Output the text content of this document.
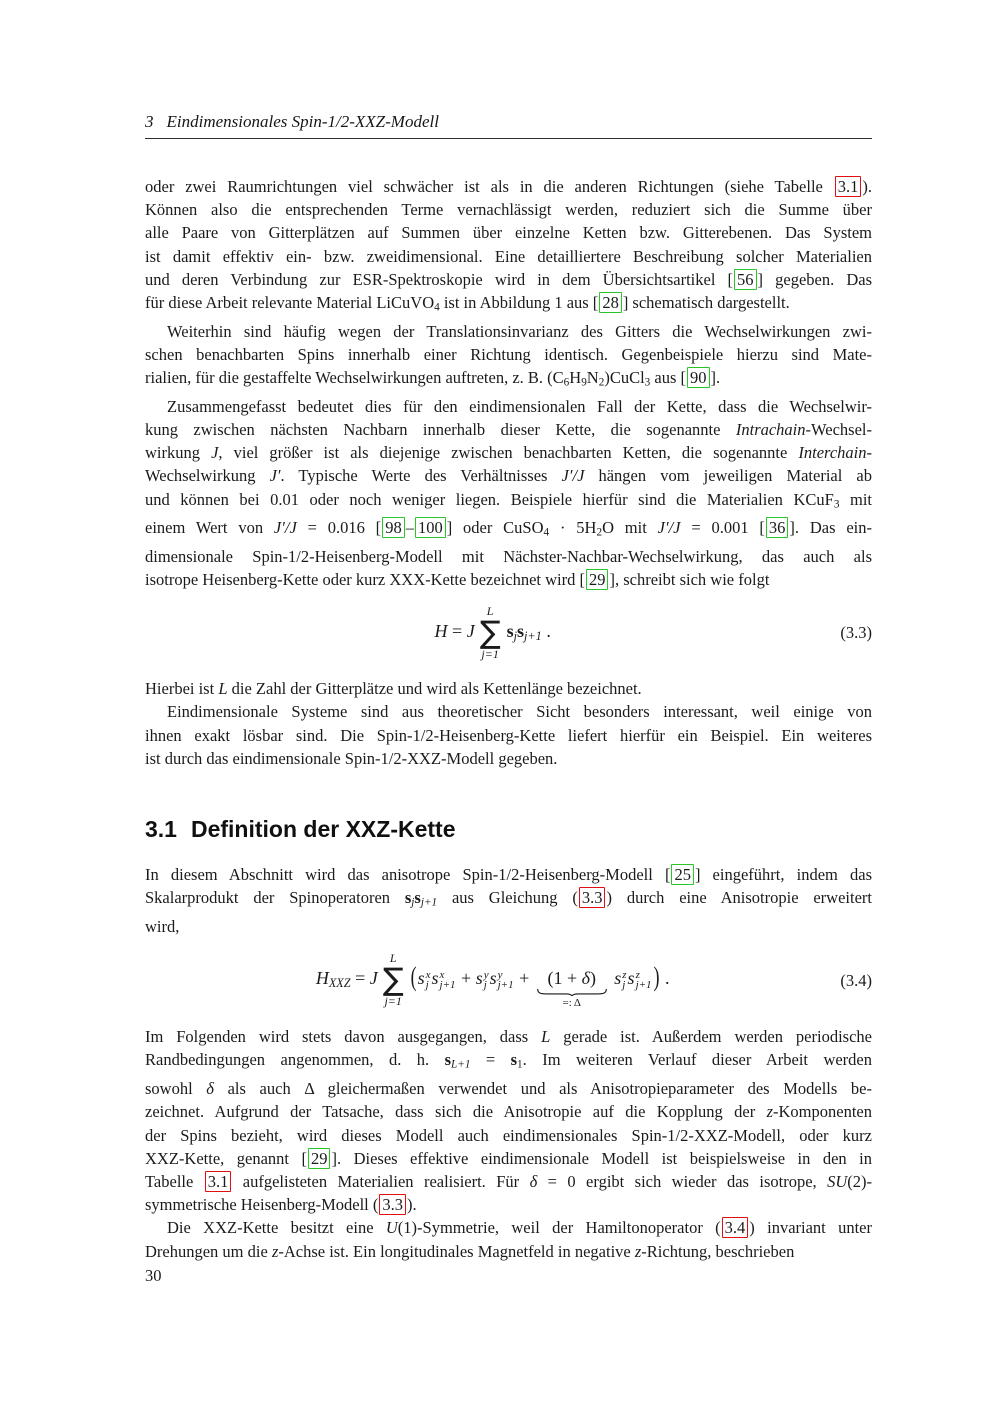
3 Eindimensionales Spin-1/2-XXZ-Modell
oder zwei Raumrichtungen viel schwächer ist als in die anderen Richtungen (siehe Tabelle 3.1 ).
Können also die entsprechenden Terme vernachlässigt werden, reduziert sich die Summe über
alle Paare von Gitterplätzen auf Summen über einzelne Ketten bzw. Gitterebenen. Das System
ist damit effektiv ein- bzw. zweidimensional. Eine detailliertere Beschreibung solcher Materialien
und deren Verbindung zur ESR-Spektroskopie wird in dem Übersichtsartikel [ 56 ] gegeben. Das
für diese Arbeit relevante Material LiCuVO4 ist in Abbildung 1 aus [ 28 ] schematisch dargestellt.
Weiterhin sind häufig wegen der Translationsinvarianz des Gitters die Wechselwirkungen zwi-
schen benachbarten Spins innerhalb einer Richtung identisch. Gegenbeispiele hierzu sind Mate-
rialien, für die gestaffelte Wechselwirkungen auftreten, z. B. (C6H9N2)CuCl3 aus [ 90 ].
Zusammengefasst bedeutet dies für den eindimensionalen Fall der Kette, dass die Wechselwir-
kung zwischen nächsten Nachbarn innerhalb dieser Kette, die sogenannte Intrachain-Wechsel-
wirkung J, viel größer ist als diejenige zwischen benachbarten Ketten, die sogenannte Interchain-
Wechselwirkung J′. Typische Werte des Verhältnisses J′/J hängen vom jeweiligen Material ab
und können bei 0.01 oder noch weniger liegen. Beispiele hierfür sind die Materialien KCuF3 mit
einem Wert von J′/J = 0.016 [ 98 – 100 ] oder CuSO4 · 5H2O mit J′/J = 0.001 [ 36 ]. Das ein-
dimensionale Spin-1/2-Heisenberg-Modell mit Nächster-Nachbar-Wechselwirkung, das auch als
isotrope Heisenberg-Kette oder kurz XXX-Kette bezeichnet wird [ 29 ], schreibt sich wie folgt
H = J
L
∑
j=1
sjsj+1 .	(3.3)
Hierbei ist L die Zahl der Gitterplätze und wird als Kettenlänge bezeichnet.
Eindimensionale Systeme sind aus theoretischer Sicht besonders interessant, weil einige von
ihnen exakt lösbar sind. Die Spin-1/2-Heisenberg-Kette liefert hierfür ein Beispiel. Ein weiteres
ist durch das eindimensionale Spin-1/2-XXZ-Modell gegeben.
3.1 Definition der XXZ-Kette
In diesem Abschnitt wird das anisotrope Spin-1/2-Heisenberg-Modell [ 25 ] eingeführt, indem das
Skalarprodukt der Spinoperatoren sjsj+1 aus Gleichung ( 3.3 ) durch eine Anisotropie erweitert
wird,
HXXZ = J
L
∑
j=1
(s x
j s x
j+1 + s y
j s y
j+1 + (1 + δ)
=: Δ
s z
j s z
j+1 ) .	(3.4)
Im Folgenden wird stets davon ausgegangen, dass L gerade ist. Außerdem werden periodische
Randbedingungen angenommen, d. h. sL+1 = s1. Im weiteren Verlauf dieser Arbeit werden
sowohl δ als auch Δ gleichermaßen verwendet und als Anisotropieparameter des Modells be-
zeichnet. Aufgrund der Tatsache, dass sich die Anisotropie auf die Kopplung der z-Komponenten
der Spins bezieht, wird dieses Modell auch eindimensionales Spin-1/2-XXZ-Modell, oder kurz
XXZ-Kette, genannt [ 29 ]. Dieses effektive eindimensionale Modell ist beispielsweise in den in
Tabelle 3.1 aufgelisteten Materialien realisiert. Für δ = 0 ergibt sich wieder das isotrope, SU(2)-
symmetrische Heisenberg-Modell ( 3.3 ).
Die XXZ-Kette besitzt eine U(1)-Symmetrie, weil der Hamiltonoperator ( 3.4 ) invariant unter
Drehungen um die z-Achse ist. Ein longitudinales Magnetfeld in negative z-Richtung, beschrieben
30
